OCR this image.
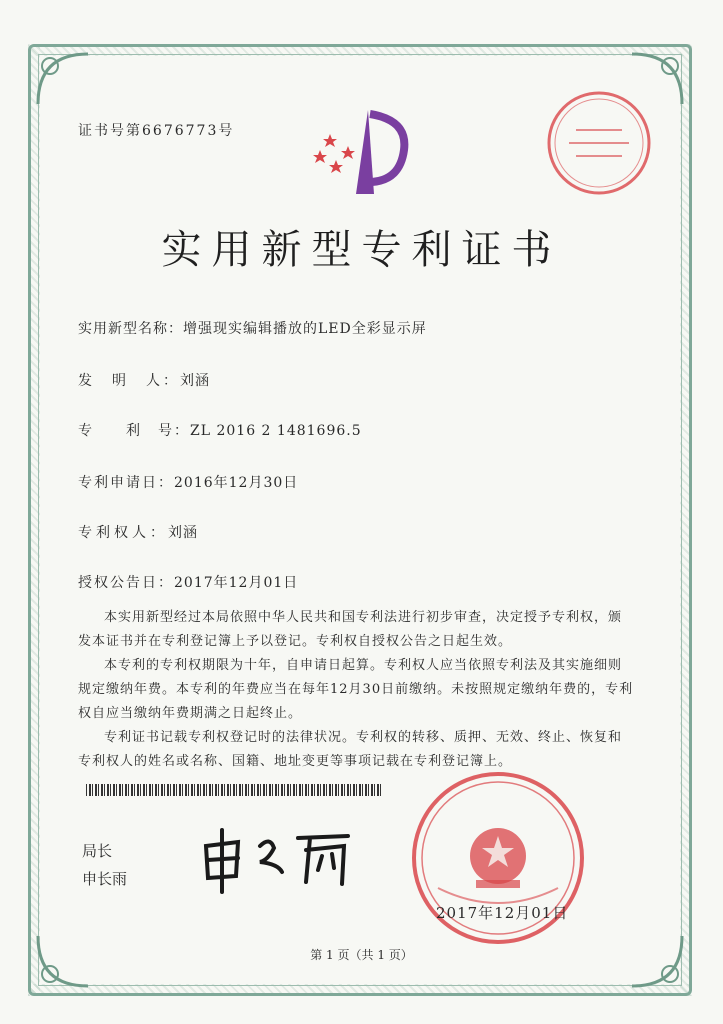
证书号第6676773号
实用新型专利证书
实用新型名称：增强现实编辑播放的LED全彩显示屏
发　明　人：刘涵
专　　利　号：ZL 2016 2 1481696.5
专利申请日：2016年12月30日
专利权人：刘涵
授权公告日：2017年12月01日

本实用新型经过本局依照中华人民共和国专利法进行初步审查，决定授予专利权，颁发本证书并在专利登记簿上予以登记。专利权自授权公告之日起生效。

本专利的专利权期限为十年，自申请日起算。专利权人应当依照专利法及其实施细则规定缴纳年费。本专利的年费应当在每年12月30日前缴纳。未按照规定缴纳年费的，专利权自应当缴纳年费期满之日起终止。

专利证书记载专利权登记时的法律状况。专利权的转移、质押、无效、终止、恢复和专利权人的姓名或名称、国籍、地址变更等事项记载在专利登记簿上。

局长
申长雨
2017年12月01日
第 1 页（共 1 页）
